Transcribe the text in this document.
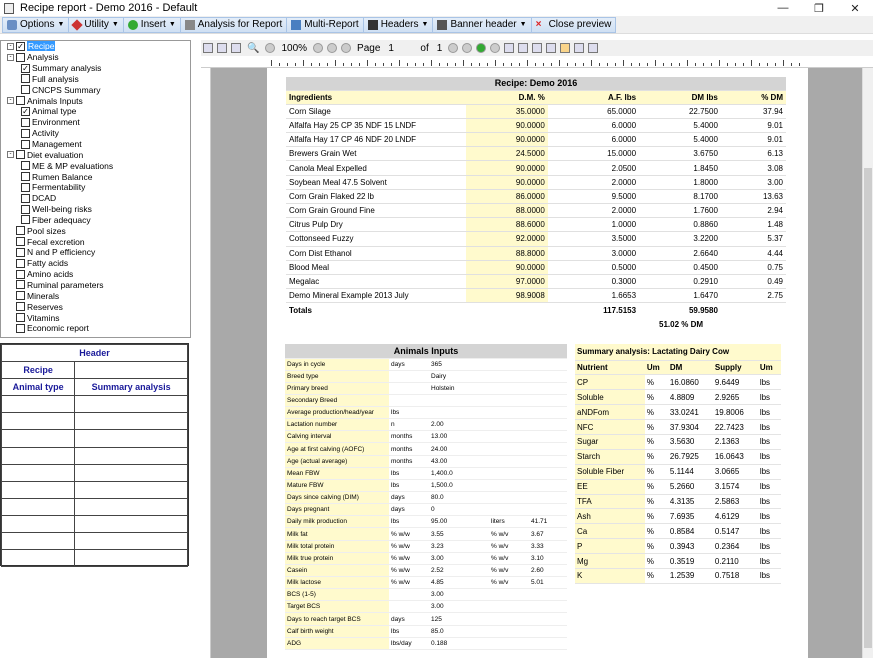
Recipe report - Demo 2016 - Default	—	❐	✕
Options ▼ Utility ▼ Insert ▼ Analysis for Report Multi-Report Headers ▼ Banner header ▼ × Close preview
- ✓ Recipe
- Analysis
✓ Summary analysis
Full analysis
CNCPS Summary
- Animals Inputs
✓ Animal type
Environment
Activity
Management
- Diet evaluation
ME & MP evaluations
Rumen Balance
Fermentability
DCAD
Well-being risks
Fiber adequacy
Pool sizes
Fecal excretion
N and P efficiency
Fatty acids
Amino acids
Ruminal parameters
Minerals
Reserves
Vitamins
Economic report
Header	
Recipe	
Animal type	Summary analysis

🔍 100%	Page 1	of 1
Recipe: Demo 2016				
Ingredients	D.M. %	A.F. lbs	DM lbs	% DM
Corn Silage	35.0000	65.0000	22.7500	37.94
Alfalfa Hay 25 CP 35 NDF 15 LNDF	90.0000	6.0000	5.4000	9.01
Alfalfa Hay 17 CP 46 NDF 20 LNDF	90.0000	6.0000	5.4000	9.01
Brewers Grain Wet	24.5000	15.0000	3.6750	6.13
Canola Meal Expelled	90.0000	2.0500	1.8450	3.08
Soybean Meal 47.5 Solvent	90.0000	2.0000	1.8000	3.00
Corn Grain Flaked 22 lb	86.0000	9.5000	8.1700	13.63
Corn Grain Ground Fine	88.0000	2.0000	1.7600	2.94
Citrus Pulp Dry	88.6000	1.0000	0.8860	1.48
Cottonseed Fuzzy	92.0000	3.5000	3.2200	5.37
Corn Dist Ethanol	88.8000	3.0000	2.6640	4.44
Blood Meal	90.0000	0.5000	0.4500	0.75
Megalac	97.0000	0.3000	0.2910	0.49
Demo Mineral Example 2013 July	98.9008	1.6653	1.6470	2.75
Totals		117.5153	59.9580	
51.02 % DM
Animals Inputs				
Days in cycle	days	365		
Breed type		Dairy		
Primary breed		Holstein		
Secondary Breed				
Average production/head/year	lbs			
Lactation number	n	2.00		
Calving interval	months	13.00		
Age at first calving (AOFC)	months	24.00		
Age (actual average)	months	43.00		
Mean FBW	lbs	1,400.0		
Mature FBW	lbs	1,500.0		
Days since calving (DIM)	days	80.0		
Days pregnant	days	0		
Daily milk production	lbs	95.00	liters	41.71
Milk fat	% w/w	3.55	% w/v	3.67
Milk total protein	% w/w	3.23	% w/v	3.33
Milk true protein	% w/w	3.00	% w/v	3.10
Casein	% w/w	2.52	% w/v	2.60
Milk lactose	% w/w	4.85	% w/v	5.01
BCS (1-5)		3.00		
Target BCS		3.00		
Days to reach target BCS	days	125		
Calf birth weight	lbs	85.0		
ADG	lbs/day	0.188		
Summary analysis: Lactating Dairy Cow				
Nutrient	Um	DM	Supply	Um
CP	%	16.0860	9.6449	lbs
Soluble	%	4.8809	2.9265	lbs
aNDFom	%	33.0241	19.8006	lbs
NFC	%	37.9304	22.7423	lbs
Sugar	%	3.5630	2.1363	lbs
Starch	%	26.7925	16.0643	lbs
Soluble Fiber	%	5.1144	3.0665	lbs
EE	%	5.2660	3.1574	lbs
TFA	%	4.3135	2.5863	lbs
Ash	%	7.6935	4.6129	lbs
Ca	%	0.8584	0.5147	lbs
P	%	0.3943	0.2364	lbs
Mg	%	0.3519	0.2110	lbs
K	%	1.2539	0.7518	lbs
